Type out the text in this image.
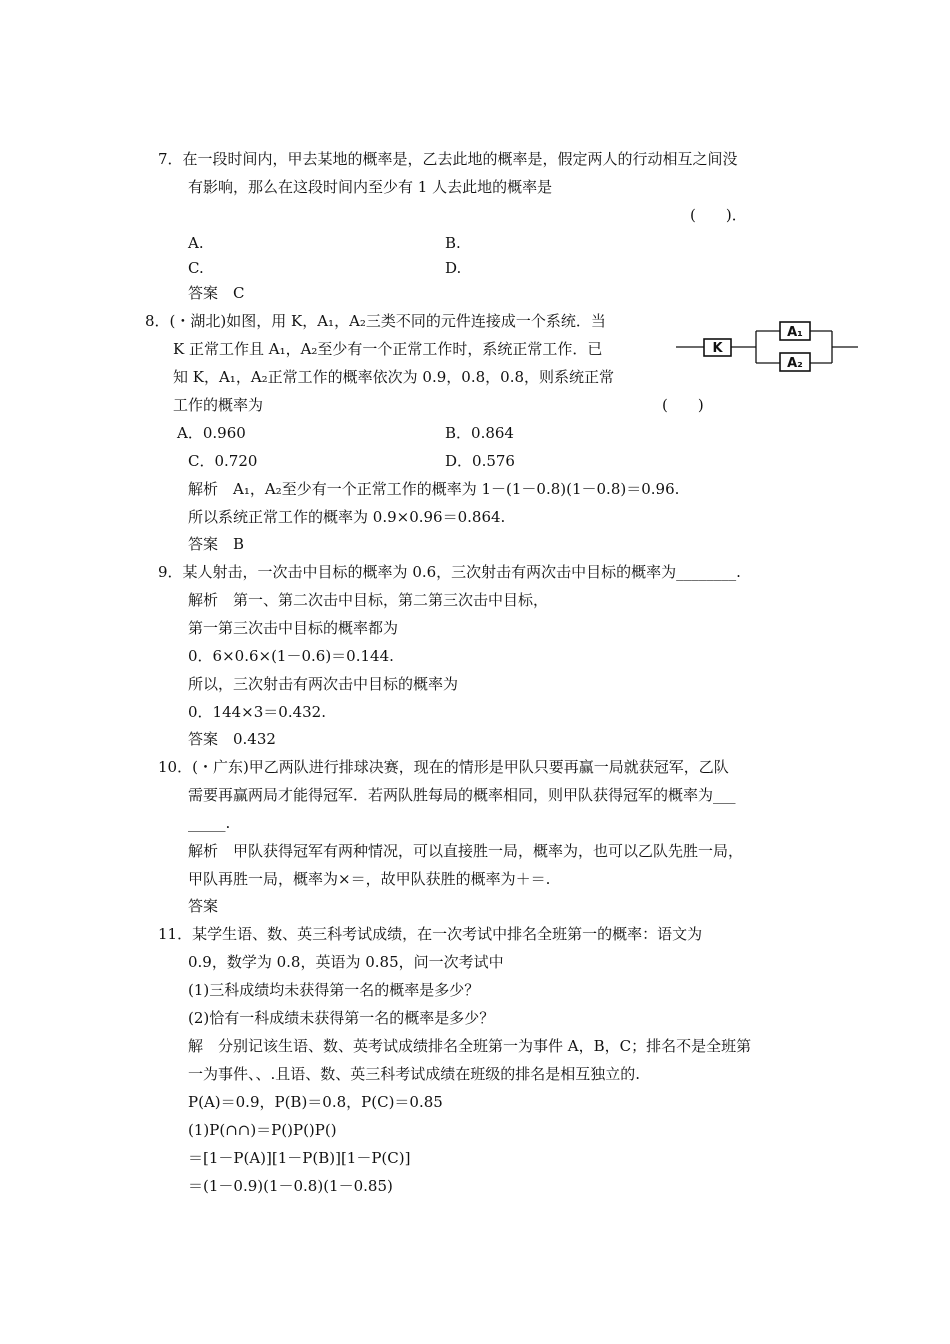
7．在一段时间内，甲去某地的概率是，乙去此地的概率是，假定两人的行动相互之间没
有影响，那么在这段时间内至少有 1 人去此地的概率是
(　　)．
A.	B.
C.	D.
答案　C
8．(・湖北)如图，用 K，A₁，A₂三类不同的元件连接成一个系统．当
K 正常工作且 A₁，A₂至少有一个正常工作时，系统正常工作．已
知 K，A₁，A₂正常工作的概率依次为 0.9，0.8，0.8，则系统正常
工作的概率为	(　　)
K
A₁
A₂
A．0.960	B．0.864
C．0.720	D．0.576
解析　A₁，A₂至少有一个正常工作的概率为 1－(1－0.8)(1－0.8)＝0.96.
所以系统正常工作的概率为 0.9×0.96＝0.864.
答案　B
9．某人射击，一次击中目标的概率为 0.6，三次射击有两次击中目标的概率为________.
解析　第一、第二次击中目标，第二第三次击中目标，
第一第三次击中目标的概率都为
0．6×0.6×(1－0.6)＝0.144.
所以，三次射击有两次击中目标的概率为
0．144×3＝0.432.
答案　0.432
10．(・广东)甲乙两队进行排球决赛，现在的情形是甲队只要再赢一局就获冠军，乙队
需要再赢两局才能得冠军．若两队胜每局的概率相同，则甲队获得冠军的概率为___
_____.
解析　甲队获得冠军有两种情况，可以直接胜一局，概率为，也可以乙队先胜一局，
甲队再胜一局，概率为×＝，故甲队获胜的概率为＋＝.
答案
11．某学生语、数、英三科考试成绩，在一次考试中排名全班第一的概率：语文为
0.9，数学为 0.8，英语为 0.85，问一次考试中
(1)三科成绩均未获得第一名的概率是多少？
(2)恰有一科成绩未获得第一名的概率是多少？
解　分别记该生语、数、英考试成绩排名全班第一为事件 A，B，C；排名不是全班第
一为事件、、.且语、数、英三科考试成绩在班级的排名是相互独立的.
P(A)＝0.9，P(B)＝0.8，P(C)＝0.85
(1)P(∩∩)＝P()P()P()
＝[1－P(A)][1－P(B)][1－P(C)]
＝(1－0.9)(1－0.8)(1－0.85)
